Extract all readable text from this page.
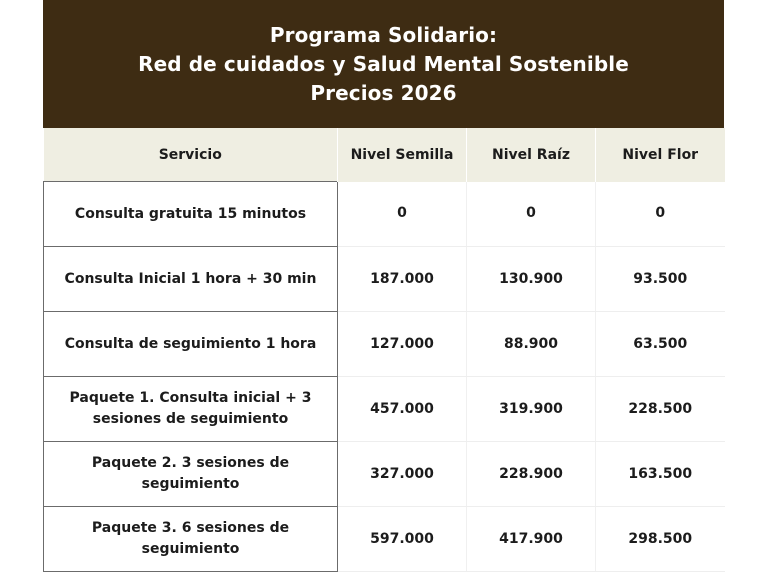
Programa Solidario:
Red de cuidados y Salud Mental Sostenible
Precios 2026
Servicio	Nivel Semilla	Nivel Raíz	Nivel Flor
Consulta gratuita 15 minutos	0	0	0
Consulta Inicial 1 hora + 30 min	187.000	130.900	93.500
Consulta de seguimiento 1 hora	127.000	88.900	63.500
Paquete 1. Consulta inicial + 3 sesiones de seguimiento	457.000	319.900	228.500
Paquete 2. 3 sesiones de seguimiento	327.000	228.900	163.500
Paquete 3. 6 sesiones de seguimiento	597.000	417.900	298.500
